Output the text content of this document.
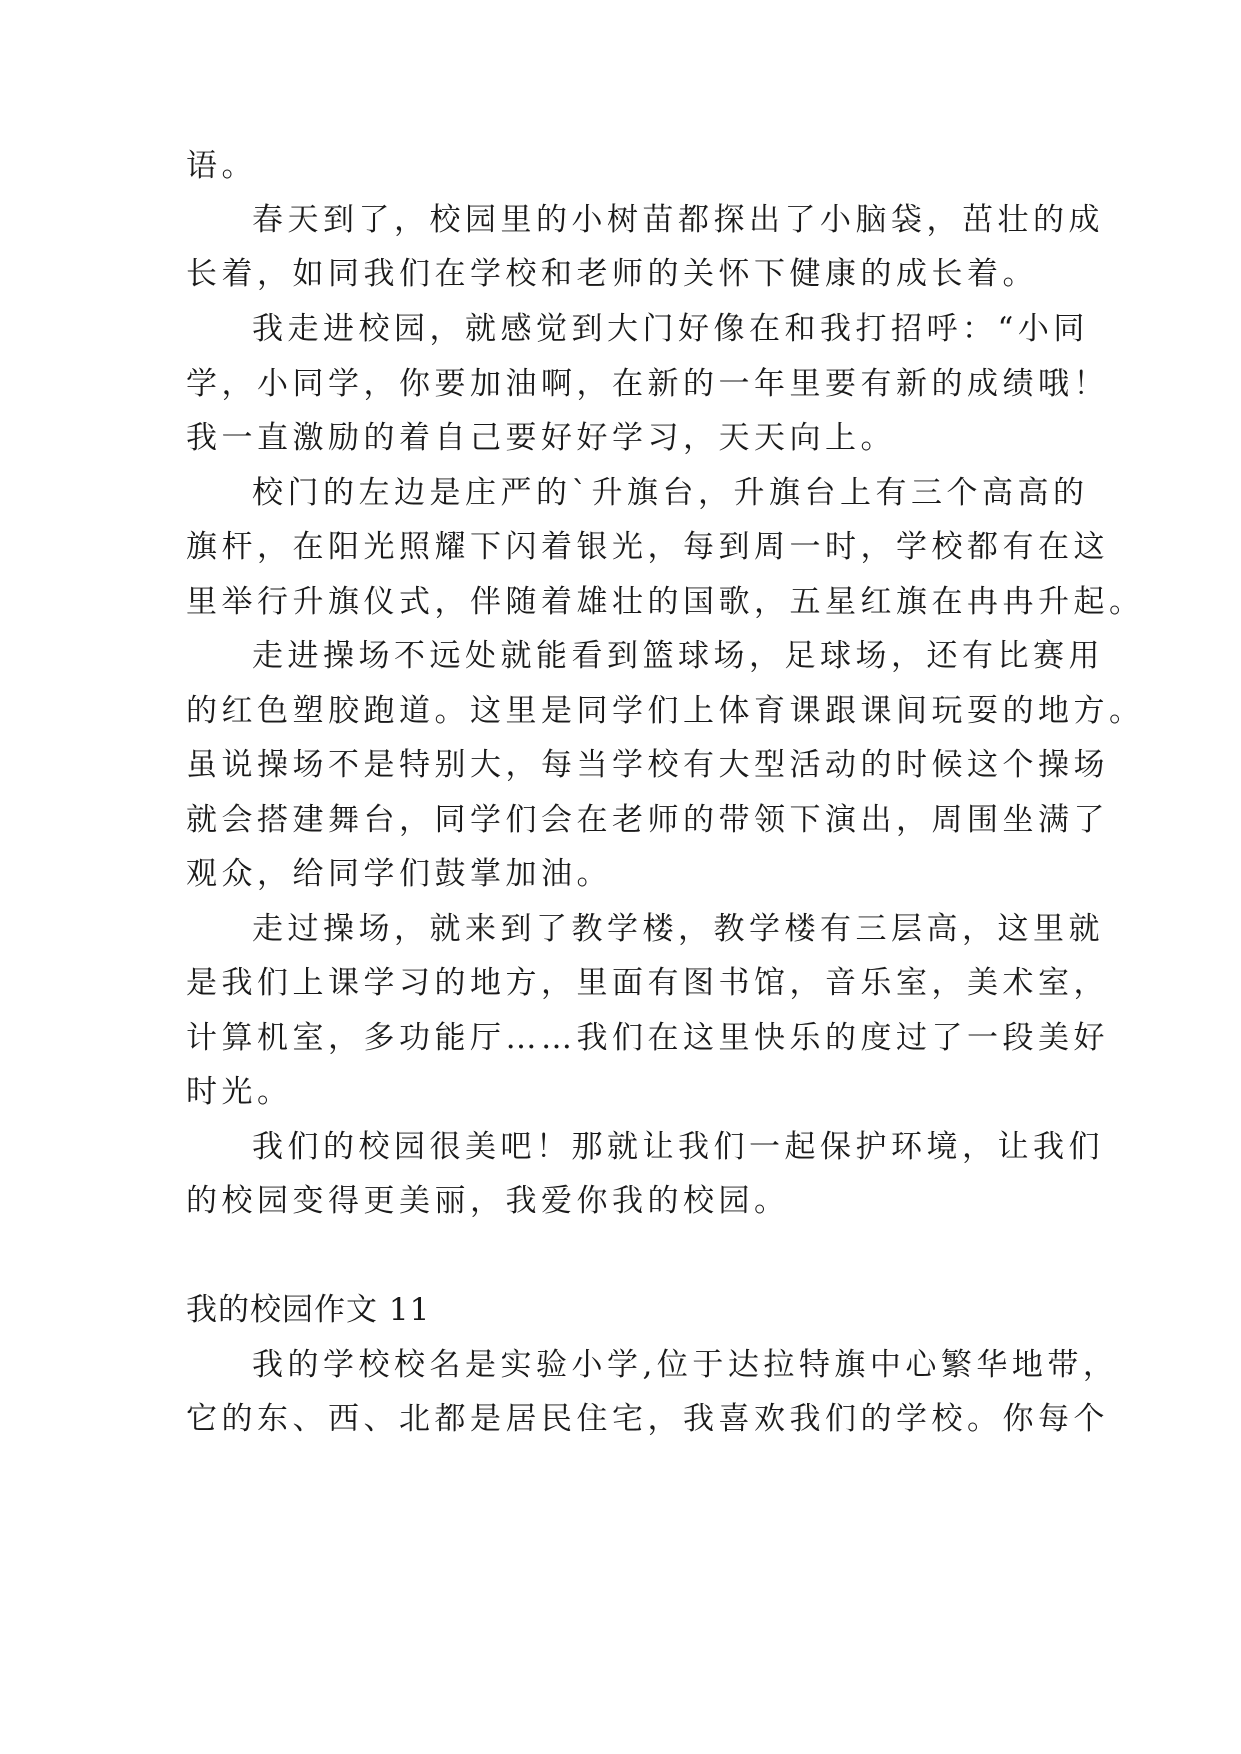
语。
春天到了，校园里的小树苗都探出了小脑袋，茁壮的成
长着，如同我们在学校和老师的关怀下健康的成长着。
我走进校园，就感觉到大门好像在和我打招呼：“小同
学，小同学，你要加油啊，在新的一年里要有新的成绩哦！
我一直激励的着自己要好好学习，天天向上。
校门的左边是庄严的`升旗台，升旗台上有三个高高的
旗杆，在阳光照耀下闪着银光，每到周一时，学校都有在这
里举行升旗仪式，伴随着雄壮的国歌，五星红旗在冉冉升起。
走进操场不远处就能看到篮球场，足球场，还有比赛用
的红色塑胶跑道。这里是同学们上体育课跟课间玩耍的地方。
虽说操场不是特别大，每当学校有大型活动的时候这个操场
就会搭建舞台，同学们会在老师的带领下演出，周围坐满了
观众，给同学们鼓掌加油。
走过操场，就来到了教学楼，教学楼有三层高，这里就
是我们上课学习的地方，里面有图书馆，音乐室，美术室，
计算机室，多功能厅……我们在这里快乐的度过了一段美好
时光。
我们的校园很美吧！那就让我们一起保护环境，让我们
的校园变得更美丽，我爱你我的校园。
我的校园作文 11
我的学校校名是实验小学,位于达拉特旗中心繁华地带，
它的东、西、北都是居民住宅，我喜欢我们的学校。你每个
